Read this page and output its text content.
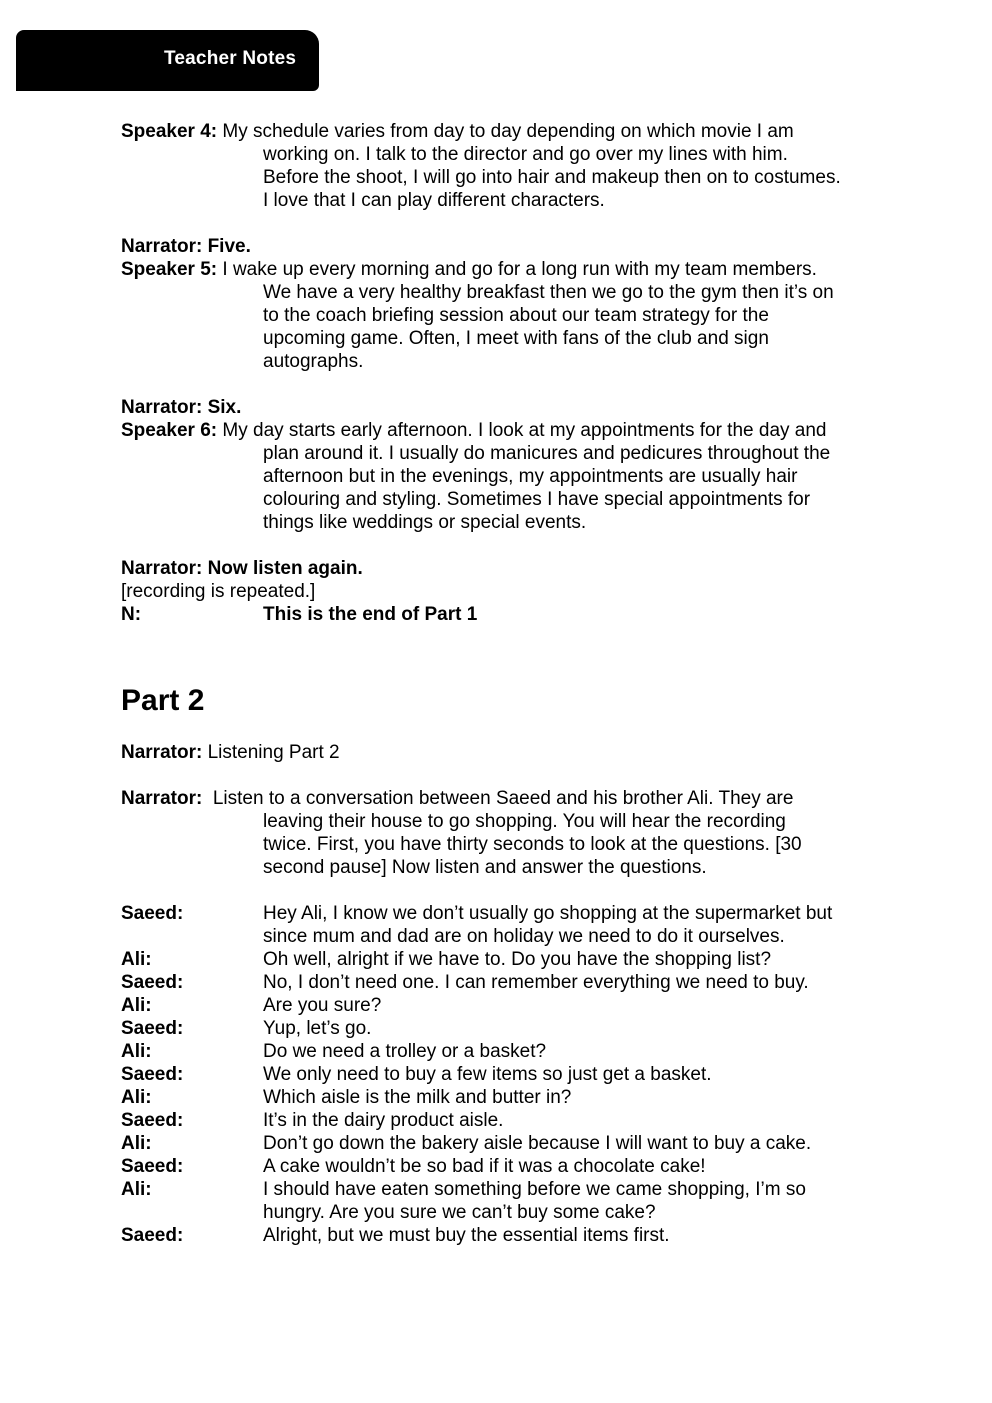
Teacher Notes
Speaker 4: My schedule varies from day to day depending on which movie I am
working on. I talk to the director and go over my lines with him.
Before the shoot, I will go into hair and makeup then on to costumes.
I love that I can play different characters.
Narrator: Five.
Speaker 5: I wake up every morning and go for a long run with my team members.
We have a very healthy breakfast then we go to the gym then it’s on
to the coach briefing session about our team strategy for the
upcoming game. Often, I meet with fans of the club and sign
autographs.
Narrator: Six.
Speaker 6: My day starts early afternoon. I look at my appointments for the day and
plan around it. I usually do manicures and pedicures throughout the
afternoon but in the evenings, my appointments are usually hair
colouring and styling. Sometimes I have special appointments for
things like weddings or special events.
Narrator: Now listen again.
[recording is repeated.]
N:	This is the end of Part 1
Part 2
Narrator: Listening Part 2
Narrator:  Listen to a conversation between Saeed and his brother Ali. They are
leaving their house to go shopping. You will hear the recording
twice. First, you have thirty seconds to look at the questions. [30
second pause] Now listen and answer the questions.
Saeed:	Hey Ali, I know we don’t usually go shopping at the supermarket but
since mum and dad are on holiday we need to do it ourselves.
Ali:	Oh well, alright if we have to. Do you have the shopping list?
Saeed:	No, I don’t need one. I can remember everything we need to buy.
Ali:	Are you sure?
Saeed:	Yup, let’s go.
Ali:	Do we need a trolley or a basket?
Saeed:	We only need to buy a few items so just get a basket.
Ali:	Which aisle is the milk and butter in?
Saeed:	It’s in the dairy product aisle.
Ali:	Don’t go down the bakery aisle because I will want to buy a cake.
Saeed:	A cake wouldn’t be so bad if it was a chocolate cake!
Ali:	I should have eaten something before we came shopping, I’m so
hungry. Are you sure we can’t buy some cake?
Saeed:	Alright, but we must buy the essential items first.
